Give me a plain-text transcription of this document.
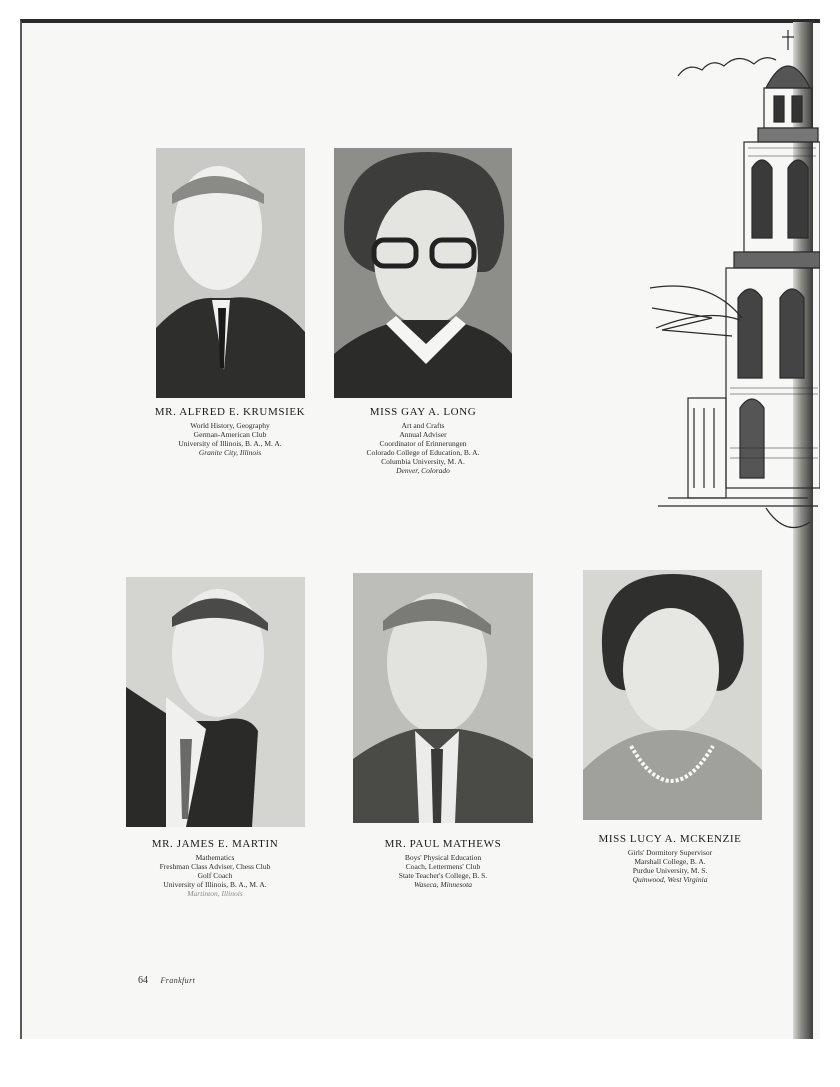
MR. ALFRED E. KRUMSIEK
World History, Geography
German-American Club
University of Illinois, B. A., M. A.
Granite City, Illinois
MISS GAY A. LONG
Art and Crafts
Annual Adviser
Coordinator of Erinnerungen
Colorado College of Education, B. A.
Columbia University, M. A.
Denver, Colorado
MR. JAMES E. MARTIN
Mathematics
Freshman Class Adviser, Chess Club
Golf Coach
University of Illinois, B. A., M. A.
Martinton, Illinois
MR. PAUL MATHEWS
Boys' Physical Education
Coach, Lettermens' Club
State Teacher's College, B. S.
Waseca, Minnesota
MISS LUCY A. MCKENZIE
Girls' Dormitory Supervisor
Marshall College, B. A.
Purdue University, M. S.
Quinwood, West Virginia
64 Frankfurt
